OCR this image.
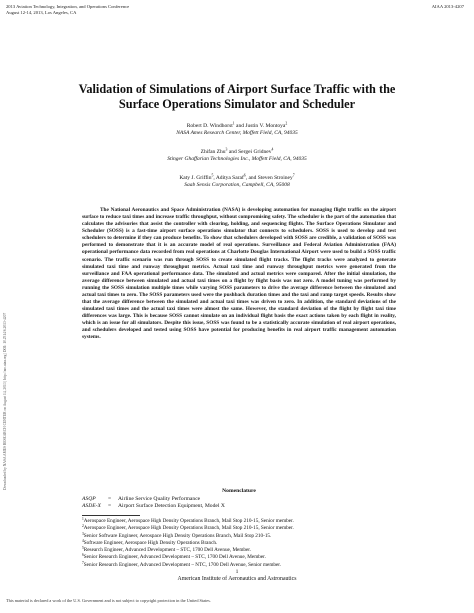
2013 Aviation Technology, Integration, and Operations Conference
August 12-14, 2013, Los Angeles, CA
AIAA 2013-4207
Downloaded by NASA AMES RESEARCH CENTER on August 14, 2013 | http://arc.aiaa.org | DOI: 10.2514/6.2013-4207
Validation of Simulations of Airport Surface Traffic with the
Surface Operations Simulator and Scheduler
Robert D. Windhorst$^1$ and Justin V. Montoya$^2$
NASA Ames Research Center, Moffett Field, CA, 94035
Zhifan Zhu$^3$ and Sergei Gridnev$^4$
Stinger Ghaffarian Technologies Inc., Moffett Field, CA, 94035
Katy J. Griffin$^5$, Aditya Saraf$^6$, and Steven Stroiney$^7$
Saab Sensis Corporation, Campbell, CA, 95008

The National Aeronautics and Space Administration (NASA) is developing automation for managing flight traffic on the airport surface to reduce taxi times and increase traffic throughput, without compromising safety. The scheduler is the part of the automation that calculates the advisories that assist the controller with clearing, holding, and sequencing flights. The Surface Operations Simulator and Scheduler (SOSS) is a fast-time airport surface operations simulator that connects to schedulers. SOSS is used to develop and test schedulers to determine if they can produce benefits. To show that schedulers developed with SOSS are credible, a validation of SOSS was performed to demonstrate that it is an accurate model of real operations. Surveillance and Federal Aviation Administration (FAA) operational performance data recorded from real operations at Charlotte Douglas International Airport were used to build a SOSS traffic scenario. The traffic scenario was run through SOSS to create simulated flight tracks. The flight tracks were analyzed to generate simulated taxi time and runway throughput metrics. Actual taxi time and runway throughput metrics were generated from the surveillance and FAA operational performance data. The simulated and actual metrics were compared. After the initial simulation, the average difference between simulated and actual taxi times on a flight by flight basis was not zero. A model tuning was performed by running the SOSS simulation multiple times while varying SOSS parameters to drive the average difference between the simulated and actual taxi times to zero. The SOSS parameters used were the pushback duration times and the taxi and ramp target speeds. Results show that the average difference between the simulated and actual taxi times was driven to zero. In addition, the standard deviations of the simulated taxi times and the actual taxi times were almost the same. However, the standard deviation of the flight by flight taxi time differences was large. This is because SOSS cannot simulate on an individual flight basis the exact actions taken by each flight in reality, which is an issue for all simulators. Despite this issue, SOSS was found to be a statistically accurate simulation of real airport operations, and schedulers developed and tested using SOSS have potential for producing benefits in real airport traffic management automation systems.

Nomenclature
ASQP = Airline Service Quality Performance
ASDE-X = Airport Surface Detection Equipment, Model X
$^1$Aerospace Engineer, Aerospace High Density Operations Branch, Mail Stop 210-15, Senior member.
$^2$Aerospace Engineer, Aerospace High Density Operations Branch, Mail Stop 210-15, Senior member.
$^3$Senior Software Engineer, Aerospace High Density Operations Branch, Mail Stop 210-15.
$^4$Software Engineer, Aerospace High Density Operations Branch.
$^5$Research Engineer, Advanced Development – STC, 1700 Dell Avenue, Member.
$^6$Senior Research Engineer, Advanced Development – STC, 1700 Dell Avenue, Member.
$^7$Senior Research Engineer, Advanced Development – NTC, 1700 Dell Avenue, Senior member.
1
American Institute of Aeronautics and Astronautics
This material is declared a work of the U.S. Government and is not subject to copyright protection in the United States.
